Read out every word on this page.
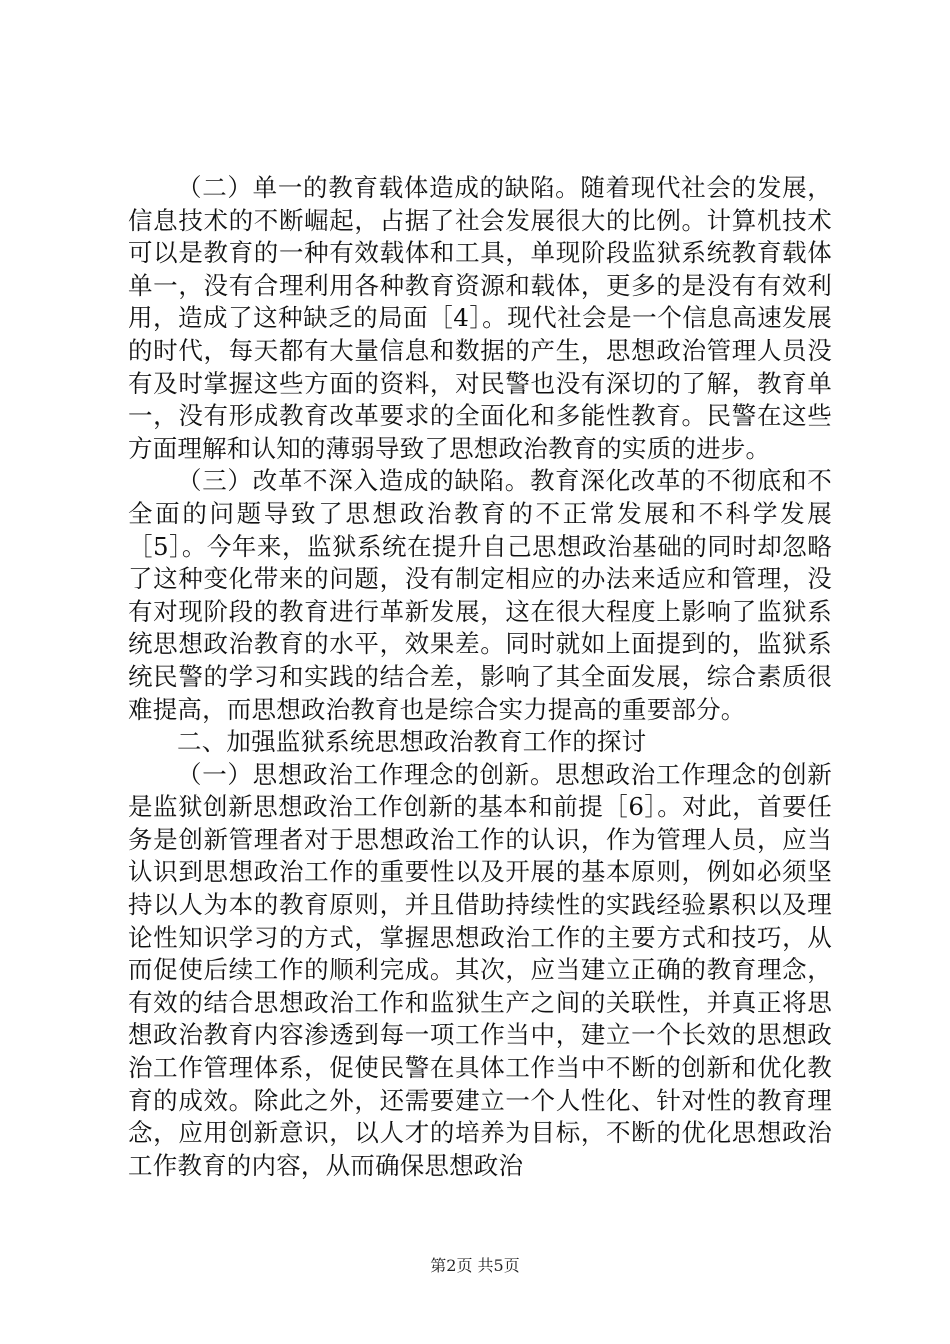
（二）单一的教育载体造成的缺陷。随着现代社会的发展，信息技术的不断崛起，占据了社会发展很大的比例。计算机技术可以是教育的一种有效载体和工具，单现阶段监狱系统教育载体单一，没有合理利用各种教育资源和载体，更多的是没有有效利用，造成了这种缺乏的局面［4］。现代社会是一个信息高速发展的时代，每天都有大量信息和数据的产生，思想政治管理人员没有及时掌握这些方面的资料，对民警也没有深切的了解，教育单一，没有形成教育改革要求的全面化和多能性教育。民警在这些方面理解和认知的薄弱导致了思想政治教育的实质的进步。

（三）改革不深入造成的缺陷。教育深化改革的不彻底和不全面的问题导致了思想政治教育的不正常发展和不科学发展［5］。今年来，监狱系统在提升自己思想政治基础的同时却忽略了这种变化带来的问题，没有制定相应的办法来适应和管理，没有对现阶段的教育进行革新发展，这在很大程度上影响了监狱系统思想政治教育的水平，效果差。同时就如上面提到的，监狱系统民警的学习和实践的结合差，影响了其全面发展，综合素质很难提高，而思想政治教育也是综合实力提高的重要部分。

二、加强监狱系统思想政治教育工作的探讨

（一）思想政治工作理念的创新。思想政治工作理念的创新是监狱创新思想政治工作创新的基本和前提［6］。对此，首要任务是创新管理者对于思想政治工作的认识，作为管理人员，应当认识到思想政治工作的重要性以及开展的基本原则，例如必须坚持以人为本的教育原则，并且借助持续性的实践经验累积以及理论性知识学习的方式，掌握思想政治工作的主要方式和技巧，从而促使后续工作的顺利完成。其次，应当建立正确的教育理念，有效的结合思想政治工作和监狱生产之间的关联性，并真正将思想政治教育内容渗透到每一项工作当中，建立一个长效的思想政治工作管理体系，促使民警在具体工作当中不断的创新和优化教育的成效。除此之外，还需要建立一个人性化、针对性的教育理念，应用创新意识，以人才的培养为目标，不断的优化思想政治工作教育的内容，从而确保思想政治

第2页 共5页
